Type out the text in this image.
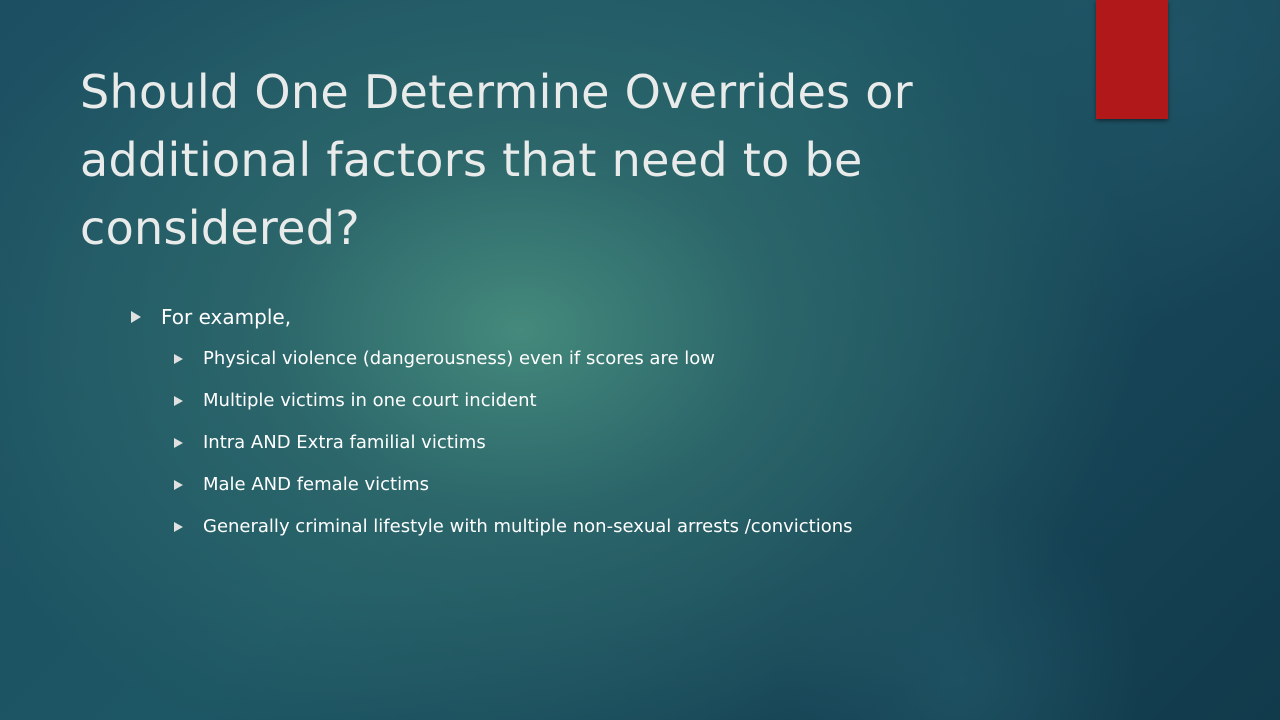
Should One Determine Overrides or additional factors that need to be considered?
For example,
Physical violence (dangerousness) even if scores are low
Multiple victims in one court incident
Intra AND Extra familial victims
Male AND female victims
Generally criminal lifestyle with multiple non-sexual arrests /convictions
